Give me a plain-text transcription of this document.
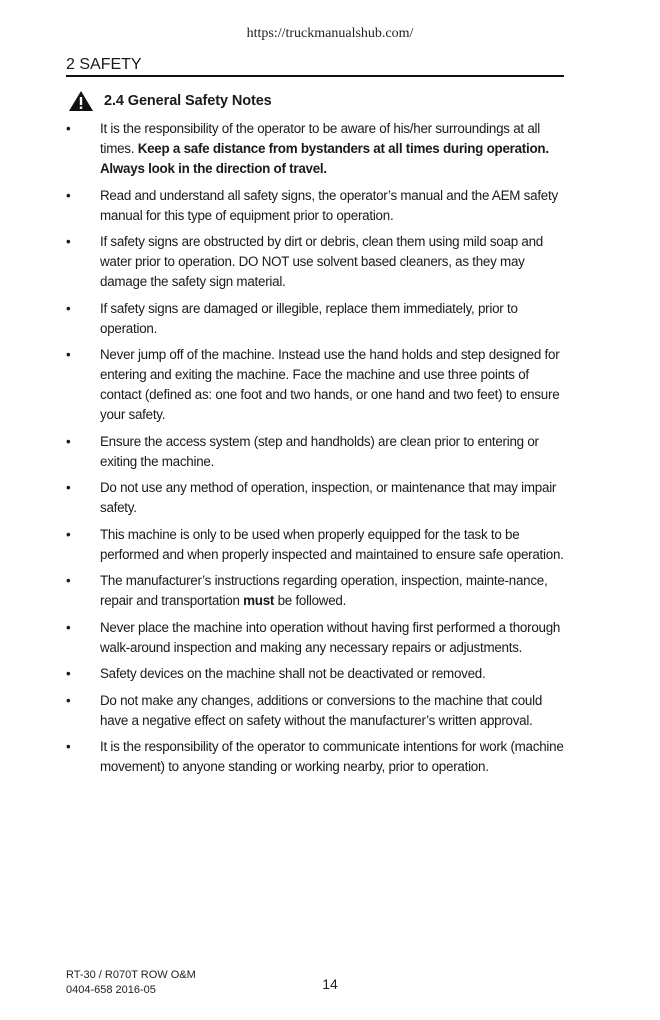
https://truckmanualshub.com/
2 SAFETY
2.4 General Safety Notes
•	It is the responsibility of the operator to be aware of his/her surroundings at all times. Keep a safe distance from bystanders at all times during operation. Always look in the direction of travel.
•	Read and understand all safety signs, the operator’s manual and the AEM safety manual for this type of equipment prior to operation.
•	If safety signs are obstructed by dirt or debris, clean them using mild soap and water prior to operation. DO NOT use solvent based cleaners, as they may damage the safety sign material.
•	If safety signs are damaged or illegible, replace them immediately, prior to operation.
•	Never jump off of the machine. Instead use the hand holds and step designed for entering and exiting the machine. Face the machine and use three points of contact (defined as: one foot and two hands, or one hand and two feet) to ensure your safety.
•	Ensure the access system (step and handholds) are clean prior to entering or exiting the machine.
•	Do not use any method of operation, inspection, or maintenance that may impair safety.
•	This machine is only to be used when properly equipped for the task to be performed and when properly inspected and maintained to ensure safe operation.
•	The manufacturer’s instructions regarding operation, inspection, mainte-nance, repair and transportation must be followed.
•	Never place the machine into operation without having first performed a thorough walk-around inspection and making any necessary repairs or adjustments.
•	Safety devices on the machine shall not be deactivated or removed.
•	Do not make any changes, additions or conversions to the machine that could have a negative effect on safety without the manufacturer’s written approval.
•	It is the responsibility of the operator to communicate intentions for work (machine movement) to anyone standing or working nearby, prior to operation.
RT-30 / R070T ROW O&M
0404-658 2016-05	14
